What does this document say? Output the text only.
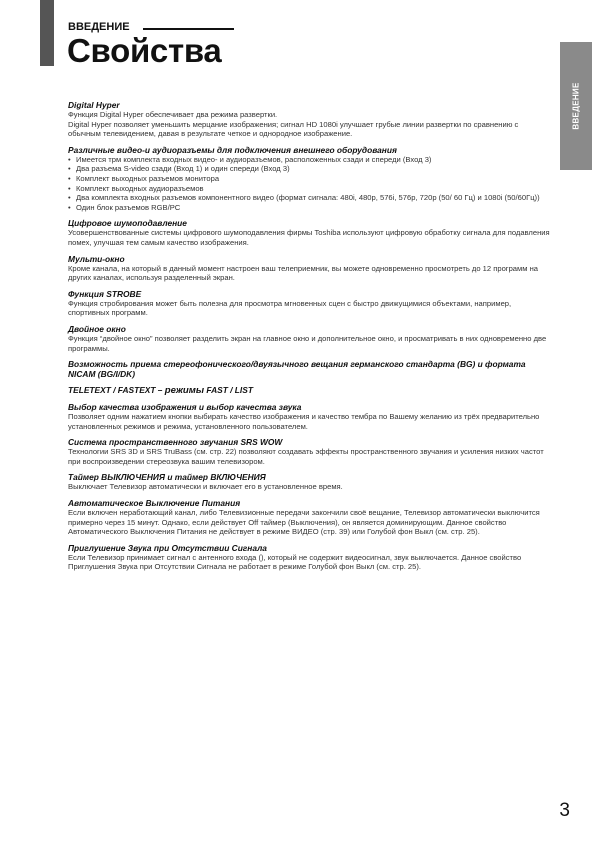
ВВЕДЕНИЕ
ВВЕДЕНИЕ
Свойства
Digital Hyper
Функция Digital Hyper обеспечивает два режима развертки.
Digital Hyper позволяет уменьшить мерцание изображения; сигнал HD 1080i улучшает грубые линии развертки по сравнению с обычным телевидением, давая в результате четкое и однородное изображение.
Различные видео-и аудиоразъемы для подключения внешнего оборудования
• Имеется трм комплекта входных видео- и аудиоразъемов, расположенных сзади и спереди (Вход 3)
• Два разъема S-video сзади (Вход 1) и один спереди (Вход 3)
• Комплект выходных разъемов монитора
• Комплект выходных аудиоразъемов
• Два комплекта входных разъемов компонентного видео (формат сигнала: 480i, 480p, 576i, 576p, 720p (50/ 60 Гц) и 1080i (50/60Гц))
• Один блок разъемов RGB/PC
Цифровое шумоподавление
Усовершенствованные системы цифрового шумоподавления фирмы Toshiba используют цифровую обработку сигнала для подавления помех, улучшая тем самым качество изображения.
Мульти-окно
Кроме канала, на который в данный момент настроен ваш телеприемник, вы можете одновременно просмотреть до 12 программ на других каналах, используя разделенный экран.
Функция STROBE
Функция стробирования может быть полезна для просмотра мгновенных сцен с быстро движущимися объектами, например, спортивных программ.
Двойное окно
Функция “двойное окно” позволяет разделить экран на главное окно и дополнительное окно, и просматривать в них одновременно две программы.
Возможность приема стереофонического/двуязычного вещания германского стандарта (BG) и формата NICAM (BG/I/DK)
TELETEXT / FASTEXT – режимы FAST / LIST
Выбор качества изображения и выбор качества звука
Позволяет одним нажатием кнопки выбирать качество изображения и качество тембра по Вашему желанию из трёх предварительно установленных режимов и режима, установленного пользователем.
Система пространственного звучания SRS WOW
Технологии SRS 3D и SRS TruBass (см. стр. 22) позволяют создавать эффекты пространственного звучания и усиления низких частот при воспроизведении стереозвука вашим телевизором.
Таймер ВЫКЛЮЧЕНИЯ и таймер ВКЛЮЧЕНИЯ
Выключает Телевизор автоматически и включает его в установленное время.
Автоматическое Выключение Питания
Если включен неработающий канал, либо Телевизионные передачи закончили своё вещание, Телевизор автоматически выключится примерно через 15 минут. Однако, если действует Off таймер (Выключения), он является доминирующим. Данное свойство Автоматического Выключения Питания не действует в режиме ВИДЕО (стр. 39) или Голубой фон Выкл (см. стр. 25).
Приглушение Звука при Отсутствии Сигнала
Если Телевизор принимает сигнал с антенного входа (), который не содержит видеосигнал, звук выключается. Данное свойство Приглушения Звука при Отсутствии Сигнала не работает в режиме Голубой фон Выкл (см. стр. 25).
3
